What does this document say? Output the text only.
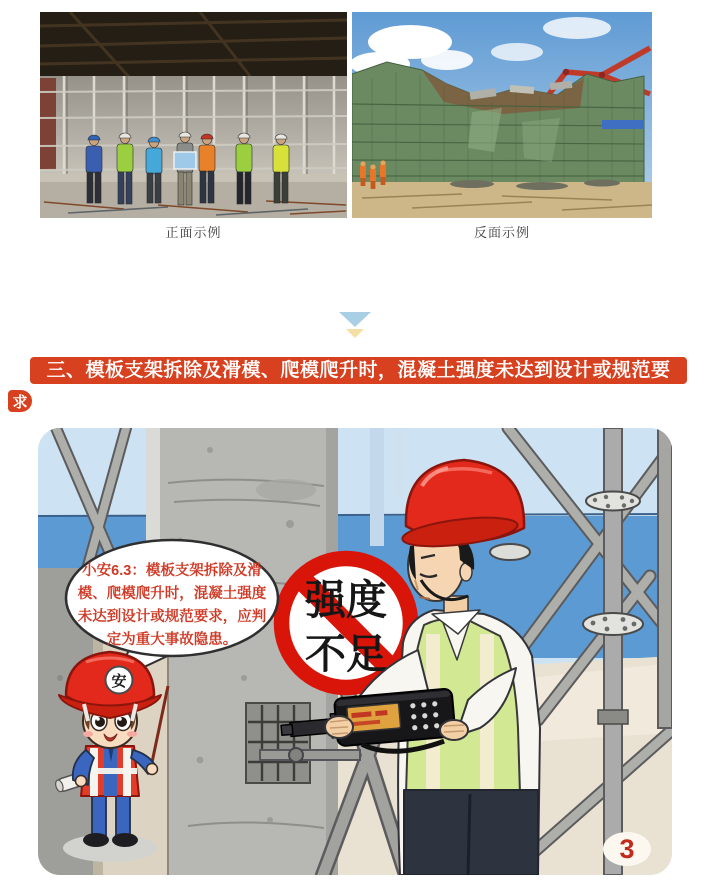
正面示例	反面示例
三、模板支架拆除及滑模、爬模爬升时，混凝土强度未达到设计或规范要
求
强度
不足
小安6.3：模板支架拆除及滑
模、爬模爬升时，混凝土强度
未达到设计或规范要求，应判
定为重大事故隐患。
安
3
